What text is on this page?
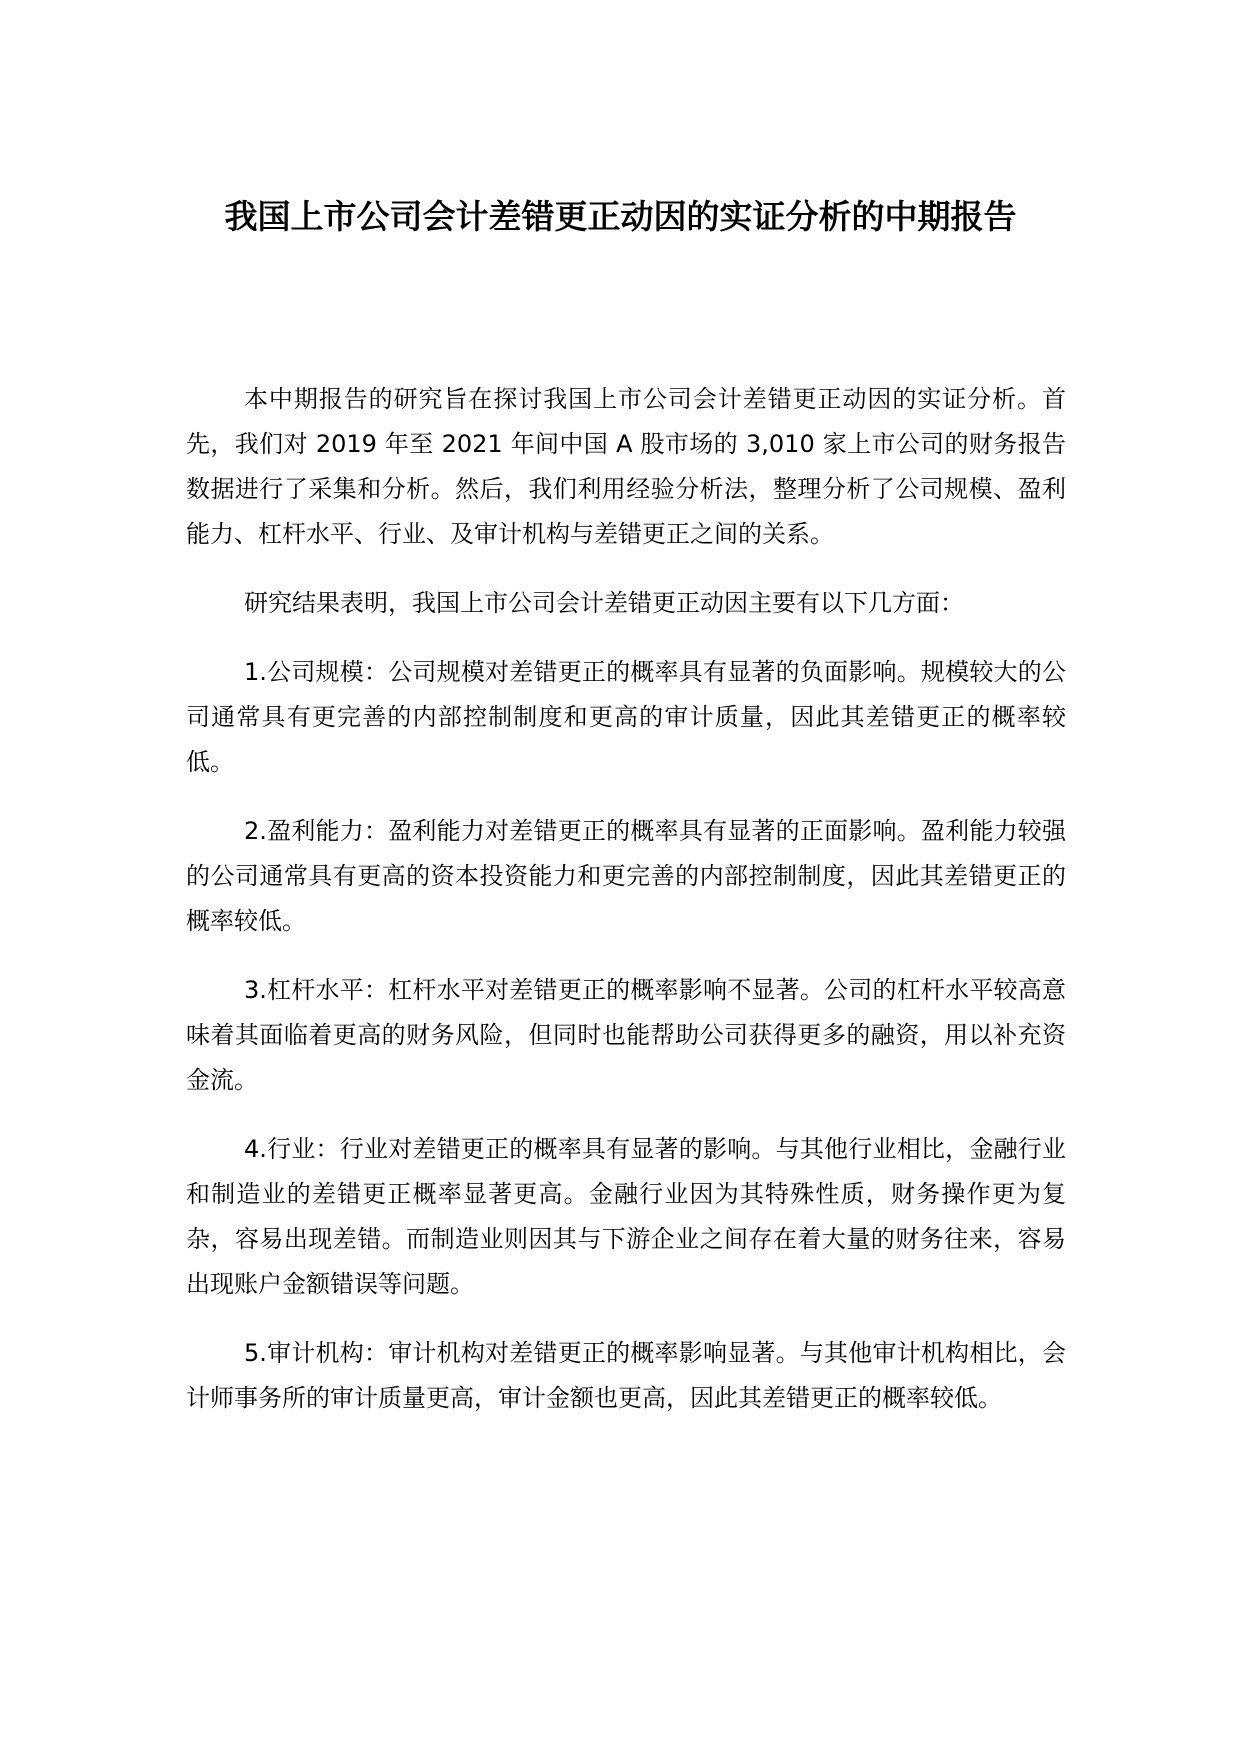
我国上市公司会计差错更正动因的实证分析的中期报告

本中期报告的研究旨在探讨我国上市公司会计差错更正动因的实证分析。首先，我们对 2019 年至 2021 年间中国 A 股市场的 3,010 家上市公司的财务报告数据进行了采集和分析。然后，我们利用经验分析法，整理分析了公司规模、盈利能力、杠杆水平、行业、及审计机构与差错更正之间的关系。

研究结果表明，我国上市公司会计差错更正动因主要有以下几方面：

1.公司规模：公司规模对差错更正的概率具有显著的负面影响。规模较大的公司通常具有更完善的内部控制制度和更高的审计质量，因此其差错更正的概率较低。

2.盈利能力：盈利能力对差错更正的概率具有显著的正面影响。盈利能力较强的公司通常具有更高的资本投资能力和更完善的内部控制制度，因此其差错更正的概率较低。

3.杠杆水平：杠杆水平对差错更正的概率影响不显著。公司的杠杆水平较高意味着其面临着更高的财务风险，但同时也能帮助公司获得更多的融资，用以补充资金流。

4.行业：行业对差错更正的概率具有显著的影响。与其他行业相比，金融行业和制造业的差错更正概率显著更高。金融行业因为其特殊性质，财务操作更为复杂，容易出现差错。而制造业则因其与下游企业之间存在着大量的财务往来，容易出现账户金额错误等问题。

5.审计机构：审计机构对差错更正的概率影响显著。与其他审计机构相比，会计师事务所的审计质量更高，审计金额也更高，因此其差错更正的概率较低。
